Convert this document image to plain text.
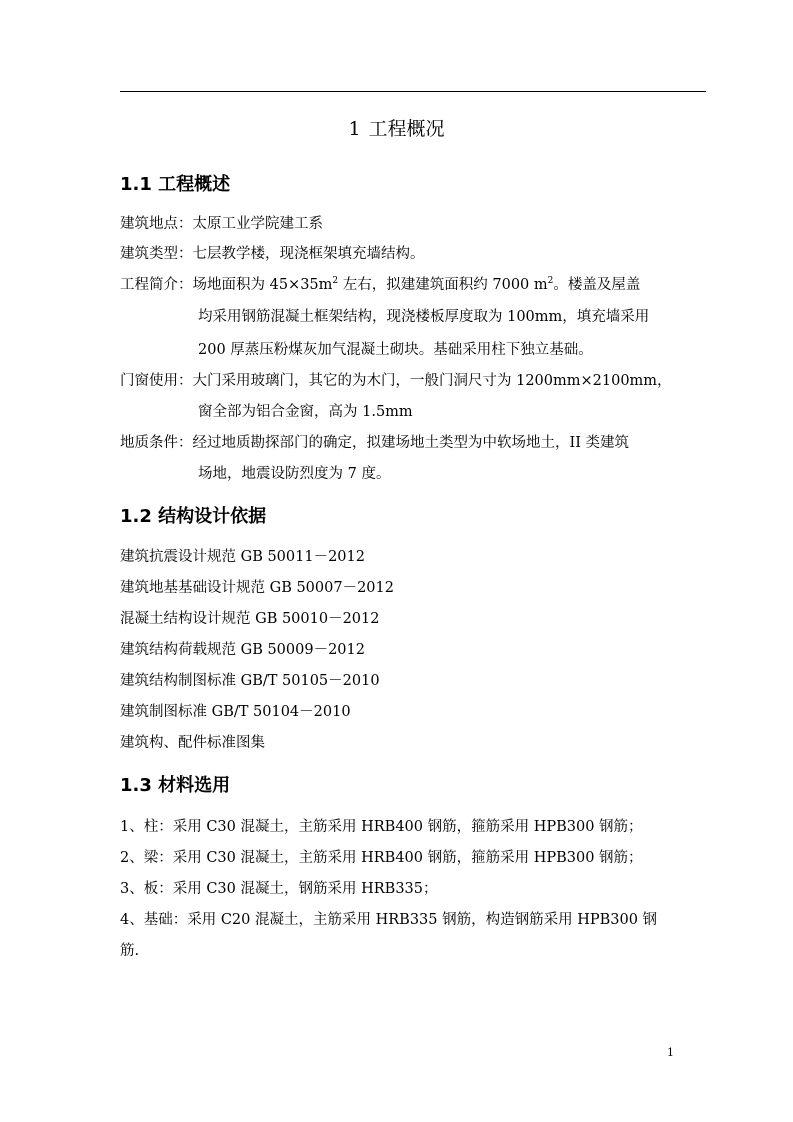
1 工程概况
1.1 工程概述
建筑地点：太原工业学院建工系
建筑类型：七层教学楼，现浇框架填充墙结构。
工程简介：场地面积为 $45\times 35m^2$ 左右，拟建建筑面积约 7000 $m^2$。楼盖及屋盖
均采用钢筋混凝土框架结构，现浇楼板厚度取为 100mm，填充墙采用
200 厚蒸压粉煤灰加气混凝土砌块。基础采用柱下独立基础。
门窗使用：大门采用玻璃门，其它的为木门，一般门洞尺寸为 1200mm×2100mm，
窗全部为铝合金窗，高为 1.5mm
地质条件：经过地质勘探部门的确定，拟建场地土类型为中软场地土，II 类建筑
场地，地震设防烈度为 7 度。
1.2 结构设计依据
建筑抗震设计规范 GB 50011－2012
建筑地基基础设计规范 GB 50007－2012
混凝土结构设计规范 GB 50010－2012
建筑结构荷载规范 GB 50009－2012
建筑结构制图标准 GB/T 50105－2010
建筑制图标准 GB/T 50104－2010
建筑构、配件标准图集
1.3 材料选用
1、柱：采用 C30 混凝土，主筋采用 HRB400 钢筋，箍筋采用 HPB300 钢筋；
2、梁：采用 C30 混凝土，主筋采用 HRB400 钢筋，箍筋采用 HPB300 钢筋；
3、板：采用 C30 混凝土，钢筋采用 HRB335；
4、基础：采用 C20 混凝土，主筋采用 HRB335 钢筋，构造钢筋采用 HPB300 钢
筋.
1
